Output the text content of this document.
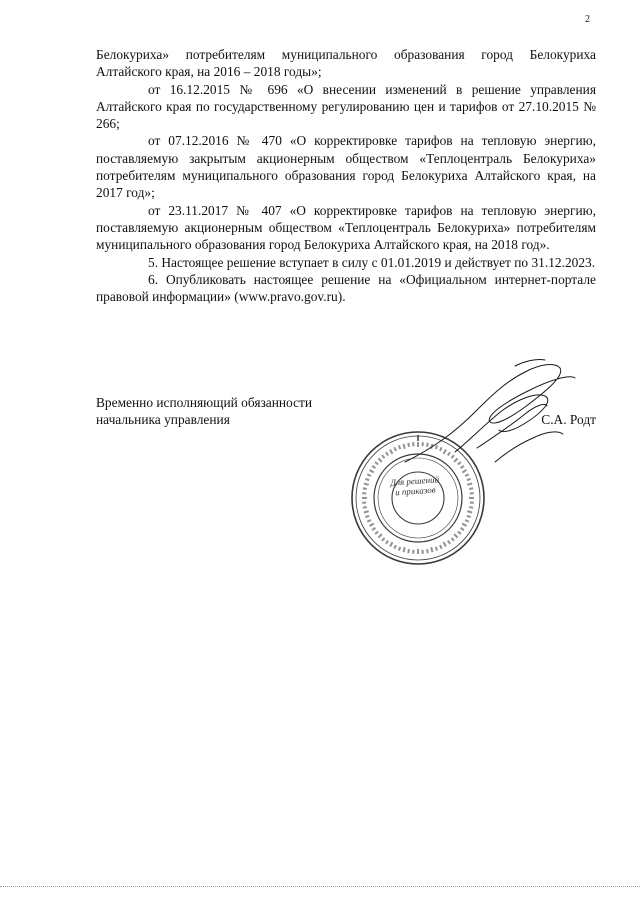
2

Белокуриха» потребителям муниципального образования город Белокуриха Алтайского края, на 2016 – 2018 годы»;

от 16.12.2015 № 696 «О внесении изменений в решение управления Алтайского края по государственному регулированию цен и тарифов от 27.10.2015 № 266;

от 07.12.2016 № 470 «О корректировке тарифов на тепловую энергию, поставляемую закрытым акционерным обществом «Теплоцентраль Белокуриха» потребителям муниципального образования город Белокуриха Алтайского края, на 2017 год»;

от 23.11.2017 № 407 «О корректировке тарифов на тепловую энергию, поставляемую акционерным обществом «Теплоцентраль Белокуриха» потребителям муниципального образования город Белокуриха Алтайского края, на 2018 год».

5. Настоящее решение вступает в силу с 01.01.2019 и действует по 31.12.2023.

6. Опубликовать настоящее решение на «Официальном интернет-портале правовой информации» (www.pravo.gov.ru).

Временно исполняющий обязанности
начальника управления	С.А. Родт
Для решений
и приказов
